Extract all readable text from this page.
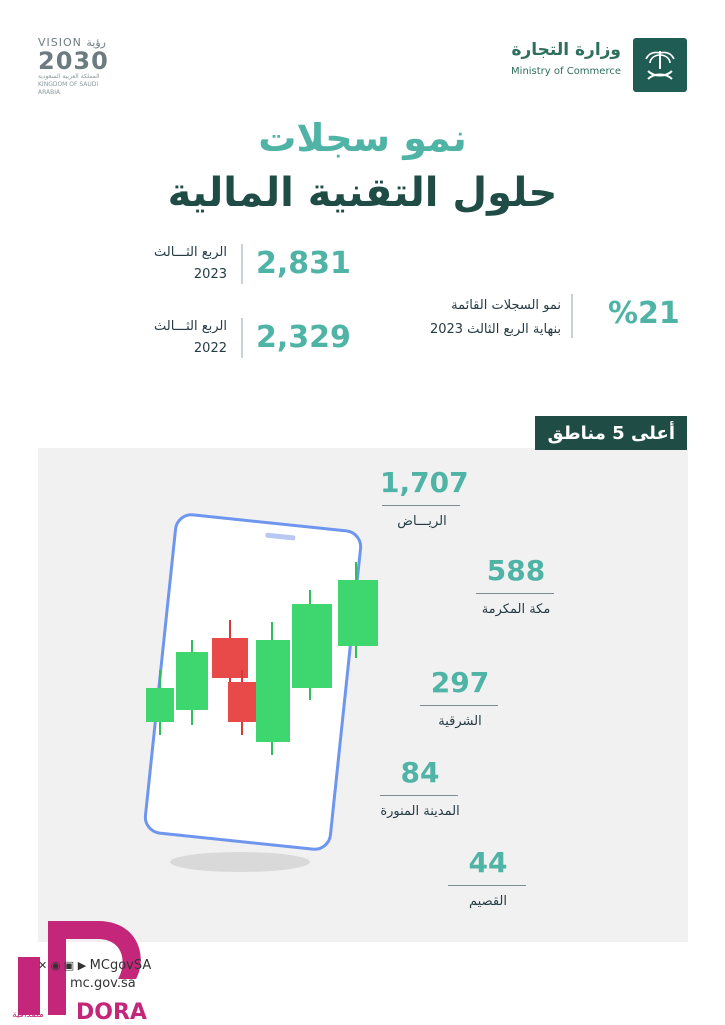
وزارة التجارة
Ministry of Commerce
VISION رؤية
2030
المملكة العربية السعودية
KINGDOM OF SAUDI ARABIA
نمو سجلات
حلول التقنية المالية
2,831
الربع الثـــالث
2023
2,329
الربع الثـــالث
2022
%21
نمو السجلات القائمة
بنهاية الربع الثالث 2023
أعلى 5 مناطق
1,707
الريـــاض
588
مكة المكرمة
297
الشرقية
84
المدينة المنورة
44
القصيم
DORA
دقة مصداقية
✕ ◉ ▣ ▶ MCgovSA
mc.gov.sa
